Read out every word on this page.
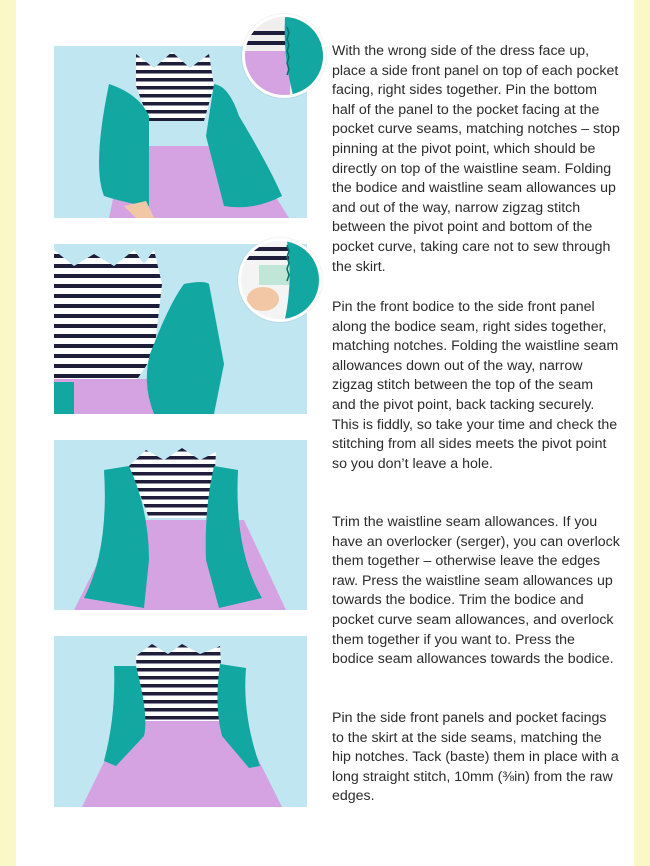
With the wrong side of the dress face up, place a side front panel on top of each pocket facing, right sides together. Pin the bottom half of the panel to the pocket facing at the pocket curve seams, matching notches – stop pinning at the pivot point, which should be directly on top of the waistline seam. Folding the bodice and waistline seam allowances up and out of the way, narrow zigzag stitch between the pivot point and bottom of the pocket curve, taking care not to sew through the skirt.

Pin the front bodice to the side front panel along the bodice seam, right sides together, matching notches. Folding the waistline seam allowances down out of the way, narrow zigzag stitch between the top of the seam and the pivot point, back tacking securely. This is fiddly, so take your time and check the stitching from all sides meets the pivot point so you don’t leave a hole.

Trim the waistline seam allowances. If you have an overlocker (serger), you can overlock them together – otherwise leave the edges raw. Press the waistline seam allowances up towards the bodice. Trim the bodice and pocket curve seam allowances, and overlock them together if you want to. Press the bodice seam allowances towards the bodice.

Pin the side front panels and pocket facings to the skirt at the side seams, matching the hip notches. Tack (baste) them in place with a long straight stitch, 10mm (⅜in) from the raw edges.
